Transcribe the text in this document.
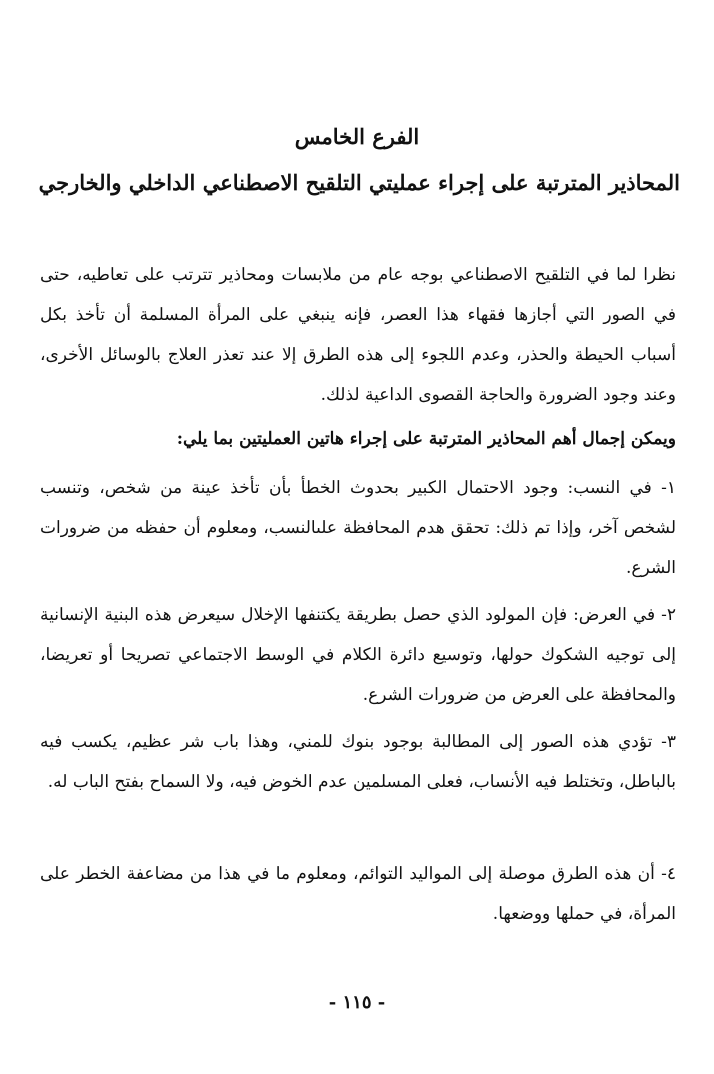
الفرع الخامس
المحاذير المترتبة على إجراء عمليتي التلقيح الاصطناعي الداخلي والخارجي

نظرا لما في التلقيح الاصطناعي بوجه عام من ملابسات ومحاذير تترتب على تعاطيه، حتى في الصور التي أجازها فقهاء هذا العصر، فإنه ينبغي على المرأة المسلمة أن تأخذ بكل أسباب الحيطة والحذر، وعدم اللجوء إلى هذه الطرق إلا عند تعذر العلاج بالوسائل الأخرى، وعند وجود الضرورة والحاجة القصوى الداعية لذلك.

ويمكن إجمال أهم المحاذير المترتبة على إجراء هاتين العمليتين بما يلي:

١- في النسب: وجود الاحتمال الكبير بحدوث الخطأ بأن تأخذ عينة من شخص، وتنسب لشخص آخر، وإذا تم ذلك: تحقق هدم المحافظة علىالنسب، ومعلوم أن حفظه من ضرورات الشرع.

٢- في العرض: فإن المولود الذي حصل بطريقة يكتنفها الإخلال سيعرض هذه البنية الإنسانية إلى توجيه الشكوك حولها، وتوسيع دائرة الكلام في الوسط الاجتماعي تصريحا أو تعريضا، والمحافظة على العرض من ضرورات الشرع.

٣- تؤدي هذه الصور إلى المطالبة بوجود بنوك للمني، وهذا باب شر عظيم، يكسب فيه بالباطل، وتختلط فيه الأنساب، فعلى المسلمين عدم الخوض فيه، ولا السماح بفتح الباب له.

٤- أن هذه الطرق موصلة إلى المواليد التوائم، ومعلوم ما في هذا من مضاعفة الخطر على المرأة، في حملها ووضعها.

- ١١٥ -
